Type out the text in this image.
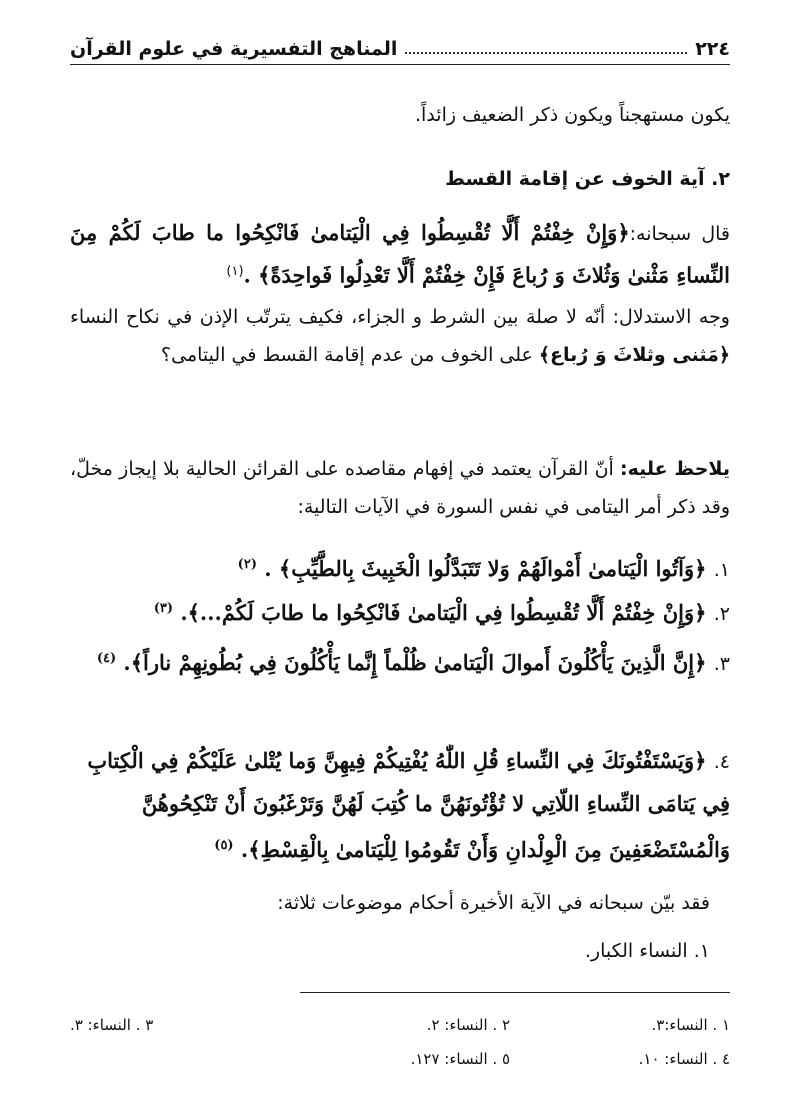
٢٢٤
المناهج التفسيرية في علوم القرآن

يكون مستهجناً ويكون ذكر الضعيف زائداً.

٢. آية الخوف عن إقامة القسط

قال سبحانه:﴿وَإِنْ خِفْتُمْ أَلَّا تُقْسِطُوا فِي الْيَتامىٰ فَانْكِحُوا ما طابَ لَكُمْ مِنَ النِّساءِ مَثْنىٰ وَثُلاثَ وَ رُباعَ فَإِنْ خِفْتُمْ أَلَّا تَعْدِلُوا فَواحِدَةً﴾ .$^{(١)}$

وجه الاستدلال: أنّه لا صلة بين الشرط و الجزاء، فكيف يترتّب الإذن في نكاح النساء ﴿مَثنى وثلاثَ وَ رُباع﴾ على الخوف من عدم إقامة القسط في اليتامى؟

يلاحظ عليه: أنّ القرآن يعتمد في إفهام مقاصده على القرائن الحالية بلا إيجاز مخلّ، وقد ذكر أمر اليتامى في نفس السورة في الآيات التالية:

١. ﴿وَآتُوا الْيَتامىٰ أَمْوالَهُمْ وَلا تَتَبَدَّلُوا الْخَبِيثَ بِالطَّيِّبِ﴾ . $^{(٢)}$

٢. ﴿وَإِنْ خِفْتُمْ أَلَّا تُقْسِطُوا فِي الْيَتامىٰ فَانْكِحُوا ما طابَ لَكُمْ...﴾. $^{(٣)}$

٣. ﴿إِنَّ الَّذِينَ يَأْكُلُونَ أَموالَ الْيَتامىٰ ظُلْماً إِنَّما يَأْكُلُونَ فِي بُطُونِهِمْ ناراً﴾. $^{(٤)}$

٤. ﴿وَيَسْتَفْتُونَكَ فِي النِّساءِ قُلِ اللّٰهُ يُفْتِيكُمْ فِيهِنَّ وَما يُتْلىٰ عَلَيْكُمْ فِي الْكِتابِ فِي يَتامَى النِّساءِ اللّاتِي لا تُؤْتُونَهُنَّ ما كُتِبَ لَهُنَّ وَتَرْغَبُونَ أَنْ تَنْكِحُوهُنَّ وَالْمُسْتَضْعَفِينَ مِنَ الْوِلْدانِ وَأَنْ تَقُومُوا لِلْيَتامىٰ بِالْقِسْطِ﴾. $^{(٥)}$

فقد بيّن سبحانه في الآية الأخيرة أحكام موضوعات ثلاثة:

١. النساء الكبار.

١ . النساء:٣.
٢ . النساء: ٢.
٣ . النساء: ٣.
٤ . النساء: ١٠.
٥ . النساء: ١٢٧.
